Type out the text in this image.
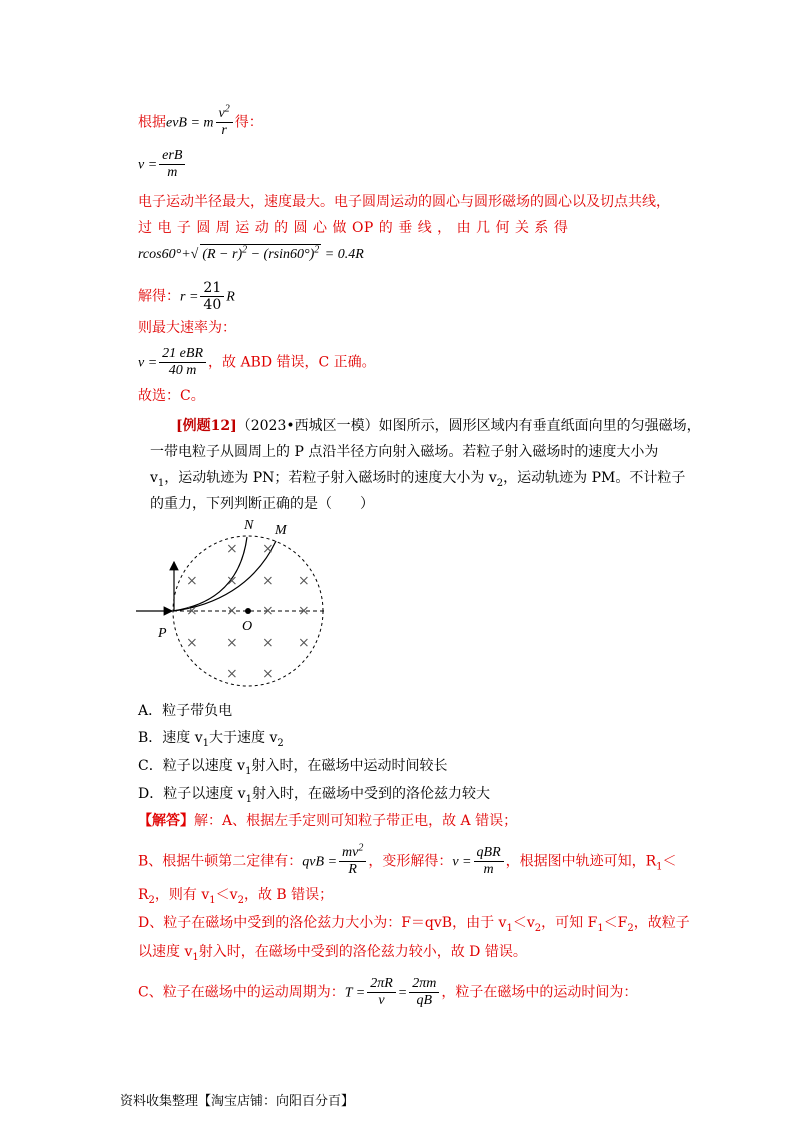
根据evB = m $\frac{v^2}{r}$ 得：
$v = \frac{\text{erB}}{m}$
电子运动半径最大，速度最大。电子圆周运动的圆心与圆形磁场的圆心以及切点共线，
过 电 子 圆 周 运 动 的 圆 心 做 OP 的 垂 线 ， 由 几 何 关 系 得
rcos60°+√ $(R - r)^2 - (rsin60^\circ)^2 = 0.4R$
解得：$r = \frac{21}{40}$ R
则最大速率为：
$v = \frac{\text{21 eBR}}{40 m}$ ，故 ABD 错误，C 正确。
故选：C。
[例题12]（2023•西城区一模）如图所示，圆形区域内有垂直纸面向里的匀强磁场，
一带电粒子从圆周上的 P 点沿半径方向射入磁场。若粒子射入磁场时的速度大小为
$v_1$，运动轨迹为 PN；若粒子射入磁场时的速度大小为 $v_2$，运动轨迹为 PM。不计粒子
的重力，下列判断正确的是（　　）
× ×
× × × ×
× × × ×
× × × ×
× ×
N M
P	O
A．粒子带负电
B．速度 $v_1$大于速度 $v_2$
C．粒子以速度 $v_1$射入时，在磁场中运动时间较长
D．粒子以速度 $v_1$射入时，在磁场中受到的洛伦兹力较大
【解答】解：A、根据左手定则可知粒子带正电，故 A 错误；
B、根据牛顿第二定律有：qvB = $\frac{mv^2}{R}$ ，变形解得：$v = \frac{\text{qBR}}{m}$ ，根据图中轨迹可知，$R_1<$
$R_2$，则有 $v_1<v_2$，故 B 错误；
D、粒子在磁场中受到的洛伦兹力大小为：F＝qvB，由于 $v_1<v_2$，可知 $F_1<F_2$，故粒子
以速度 $v_1$射入时，在磁场中受到的洛伦兹力较小，故 D 错误。
C、粒子在磁场中的运动周期为：$T = \frac{2\pi R}{v} = \frac{2\pi m}{qB}$ ，粒子在磁场中的运动时间为：
资料收集整理【淘宝店铺：向阳百分百】
